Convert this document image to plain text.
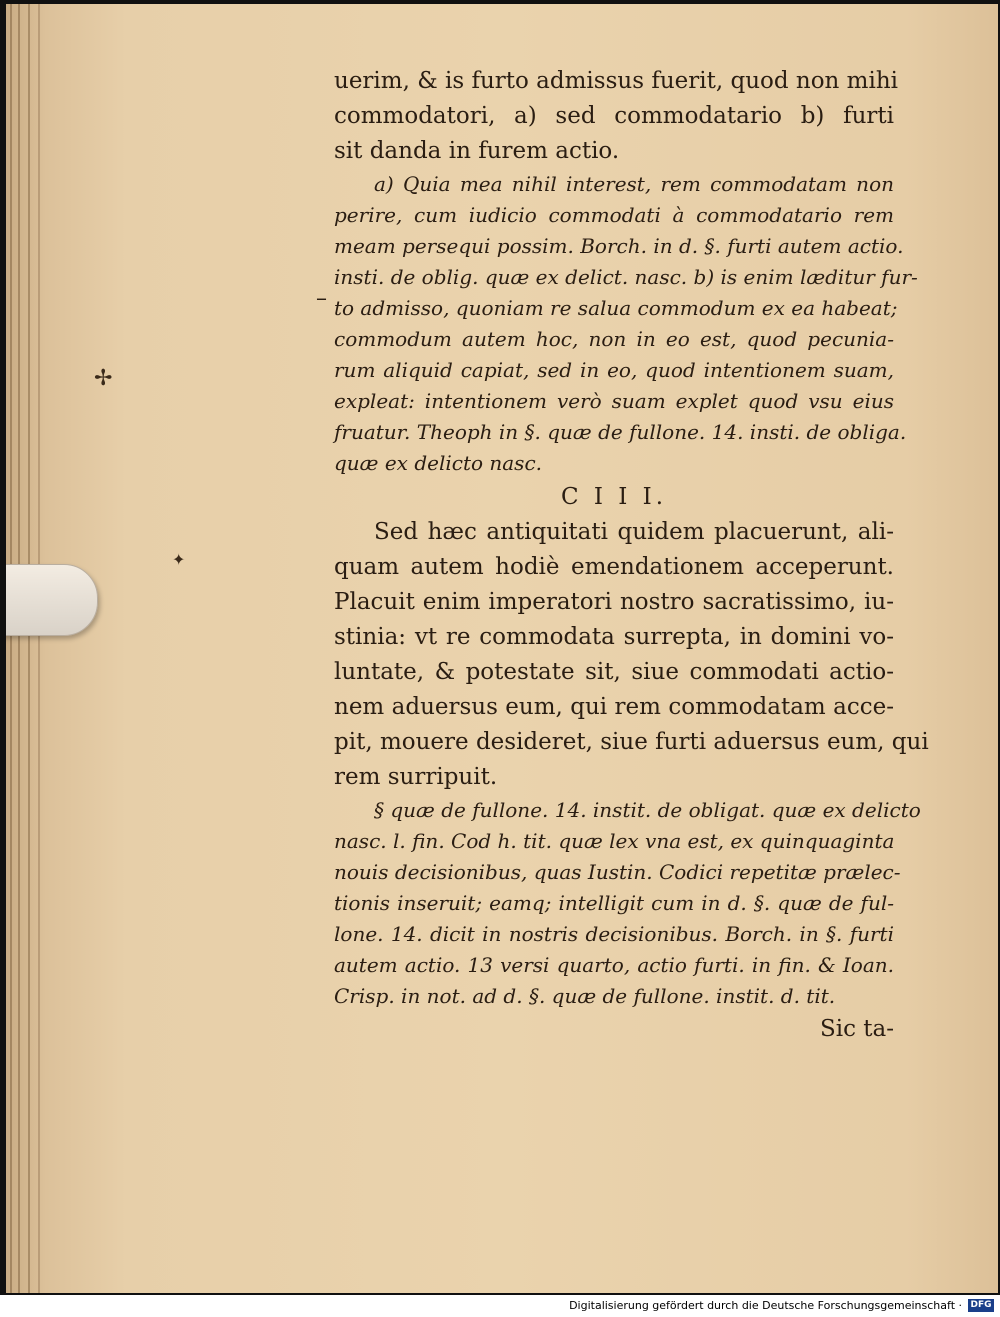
✢
✦
–
uerim, & is furto admissus fuerit, quod non mihi
commodatori, a) sed commodatario b) furti
sit danda in furem actio.
a) Quia mea nihil interest, rem commodatam non
perire, cum iudicio commodati à commodatario rem
meam persequi possim. Borch. in d. §. furti autem actio.
insti. de oblig. quæ ex delict. nasc. b) is enim læditur fur-
to admisso, quoniam re salua commodum ex ea habeat;
commodum autem hoc, non in eo est, quod pecunia-
rum aliquid capiat, sed in eo, quod intentionem suam,
expleat: intentionem verò suam explet quod vsu eius
fruatur. Theoph in §. quæ de fullone. 14. insti. de obliga.
quæ ex delicto nasc.
C I I I.
Sed hæc antiquitati quidem placuerunt, ali-
quam autem hodiè emendationem acceperunt.
Placuit enim imperatori nostro sacratissimo, iu-
stinia: vt re commodata surrepta, in domini vo-
luntate, & potestate sit, siue commodati actio-
nem aduersus eum, qui rem commodatam acce-
pit, mouere desideret, siue furti aduersus eum, qui
rem surripuit.
§ quæ de fullone. 14. instit. de obligat. quæ ex delicto
nasc. l. fin. Cod h. tit. quæ lex vna est, ex quinquaginta
nouis decisionibus, quas Iustin. Codici repetitæ prælec-
tionis inseruit; eamq; intelligit cum in d. §. quæ de ful-
lone. 14. dicit in nostris decisionibus. Borch. in §. furti
autem actio. 13 versi quarto, actio furti. in fin. & Ioan.
Crisp. in not. ad d. §. quæ de fullone. instit. d. tit.
Sic ta-
Digitalisierung gefördert durch die Deutsche Forschungsgemeinschaft · DFG
